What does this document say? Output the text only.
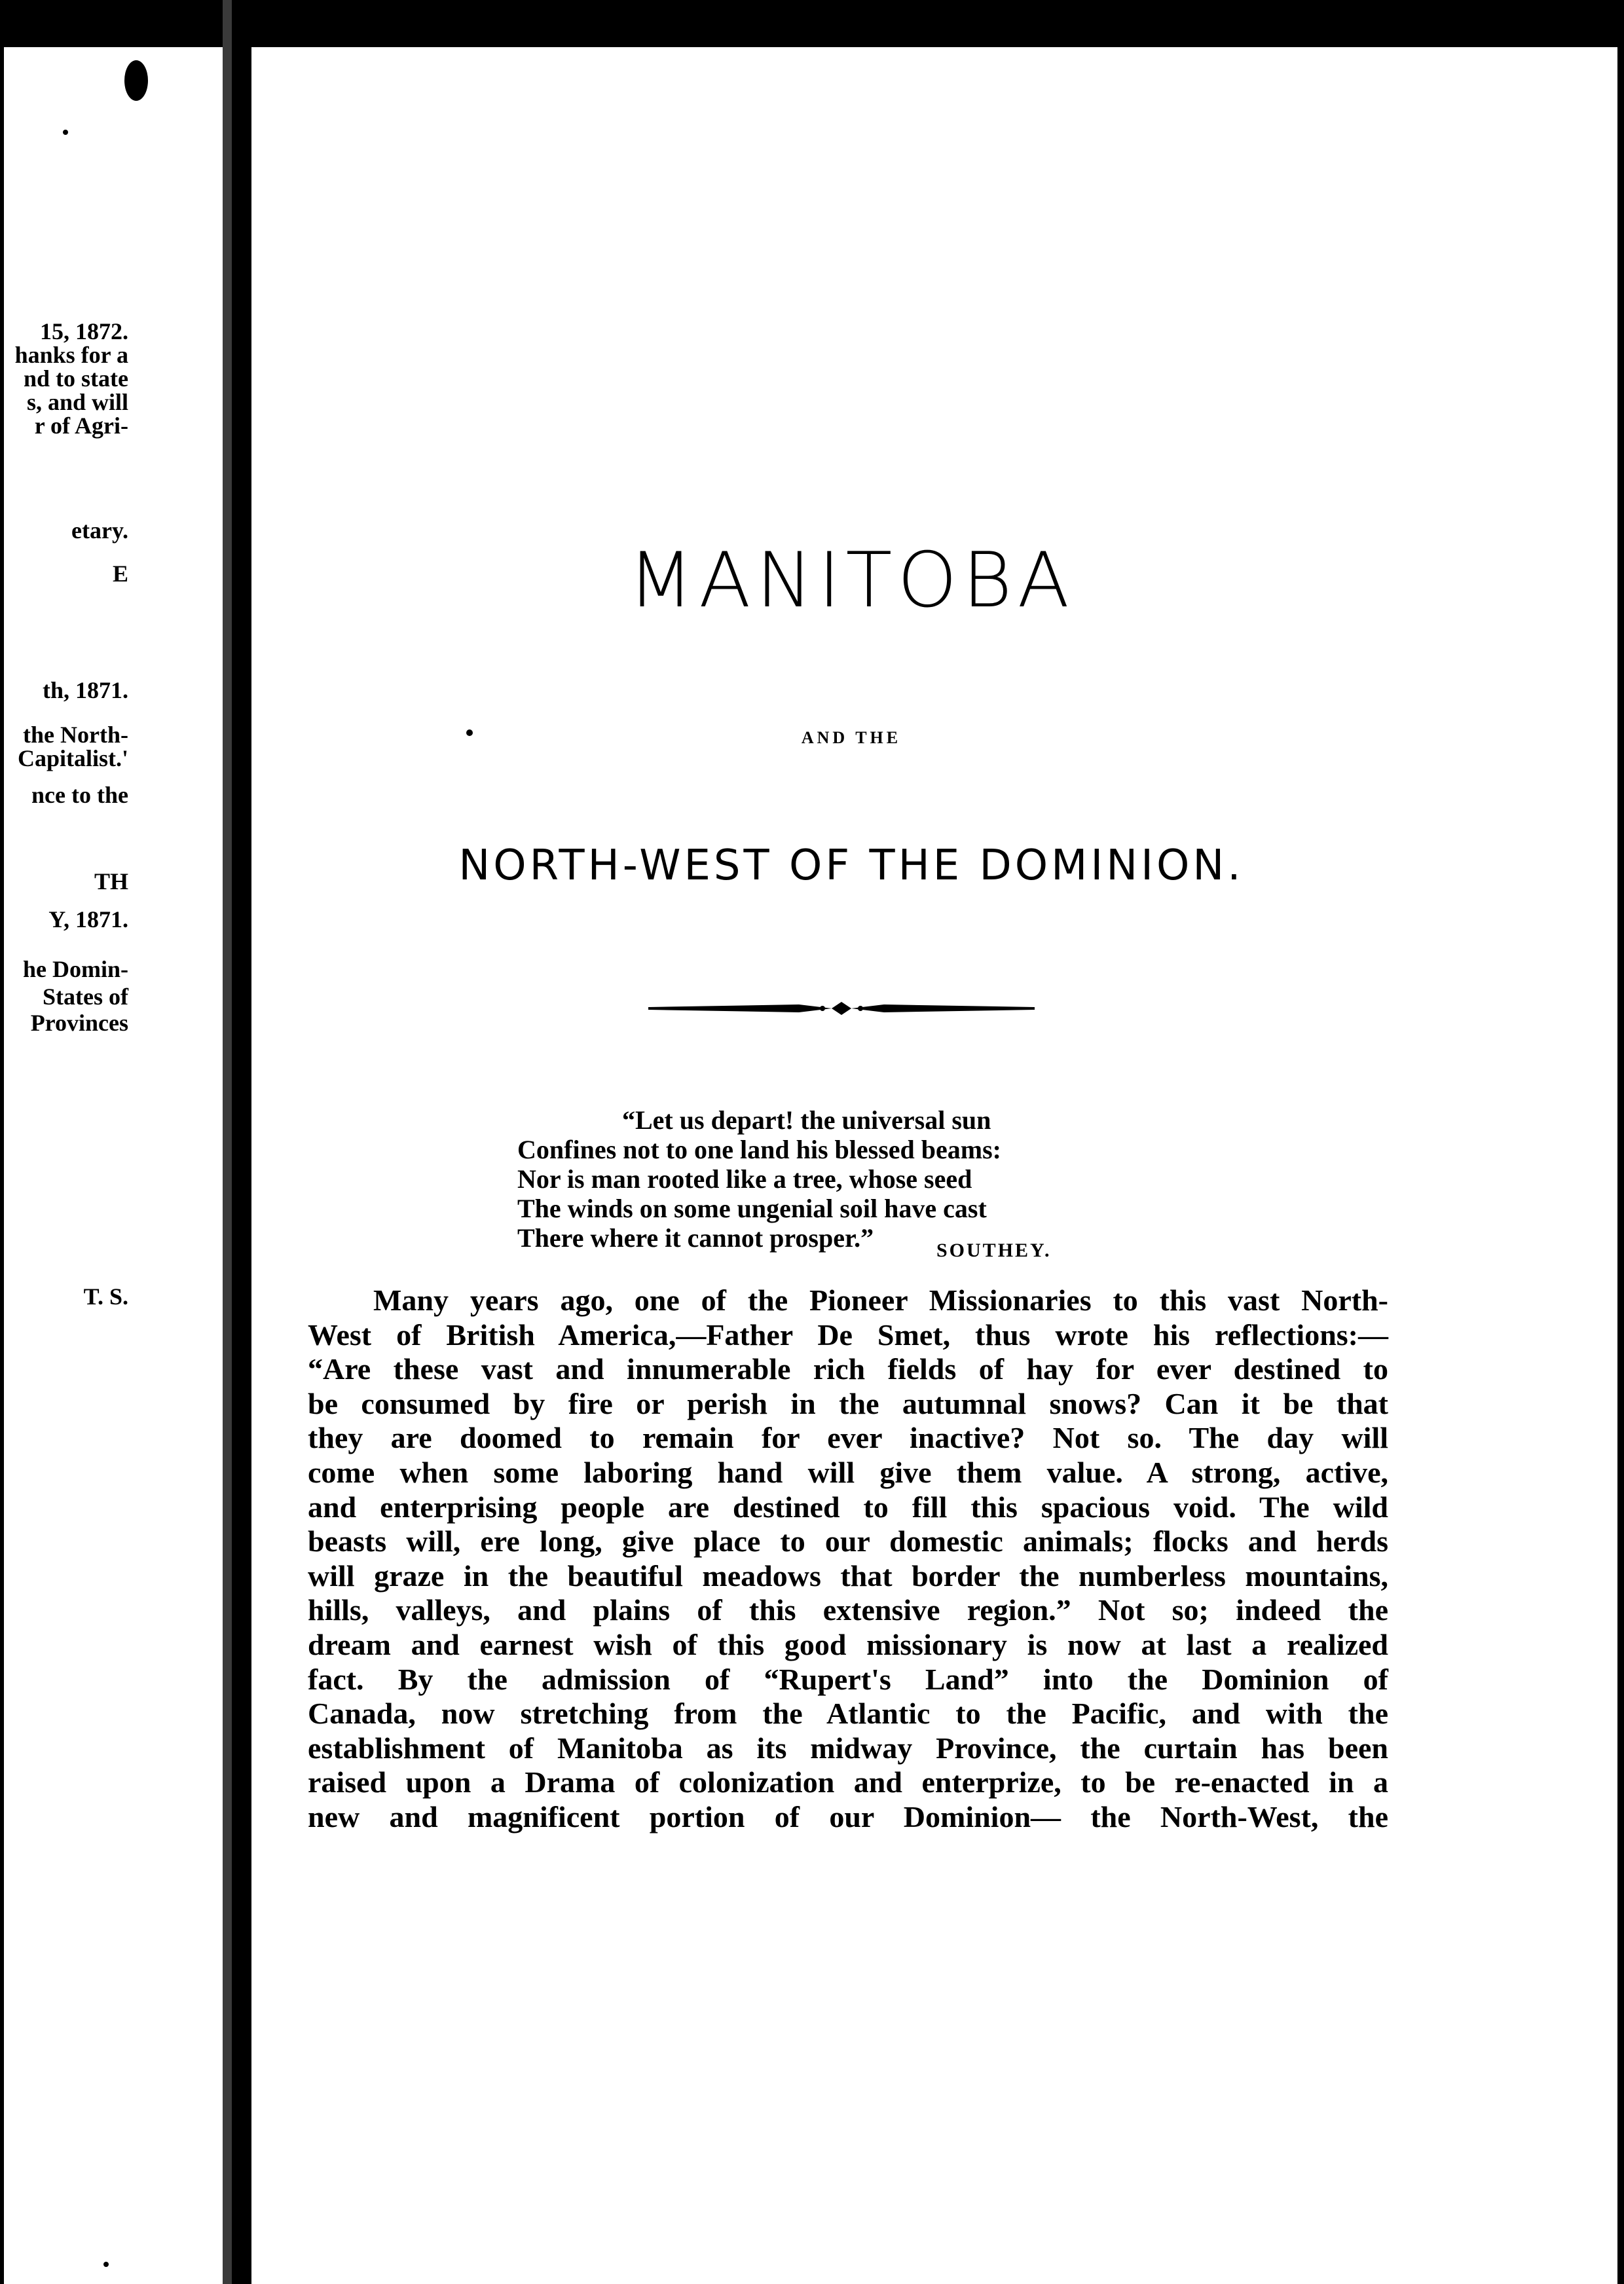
15, 1872.
hanks for a
nd to state
s, and will
r of Agri-
etary.
E
th, 1871.
the North-
Capitalist.'
nce to the
TH
Y, 1871.
he Domin-
States of
Provinces
T. S.
MANITOBA
AND THE
NORTH-WEST OF THE DOMINION.
“Let us depart! the universal sun
Confines not to one land his blessed beams:
Nor is man rooted like a tree, whose seed
The winds on some ungenial soil have cast
There where it cannot prosper.”	SOUTHEY.
Many years ago, one of the Pioneer Missionaries to this vast North-
West of British America,—Father De Smet, thus wrote his reflections:—
“Are these vast and innumerable rich fields of hay for ever destined to
be consumed by fire or perish in the autumnal snows? Can it be that
they are doomed to remain for ever inactive? Not so. The day will
come when some laboring hand will give them value. A strong, active,
and enterprising people are destined to fill this spacious void. The wild
beasts will, ere long, give place to our domestic animals; flocks and herds
will graze in the beautiful meadows that border the numberless mountains,
hills, valleys, and plains of this extensive region.” Not so; indeed the
dream and earnest wish of this good missionary is now at last a realized
fact. By the admission of “Rupert's Land” into the Dominion of
Canada, now stretching from the Atlantic to the Pacific, and with the
establishment of Manitoba as its midway Province, the curtain has been
raised upon a Drama of colonization and enterprize, to be re-enacted in a
new and magnificent portion of our Dominion— the North-West, the
